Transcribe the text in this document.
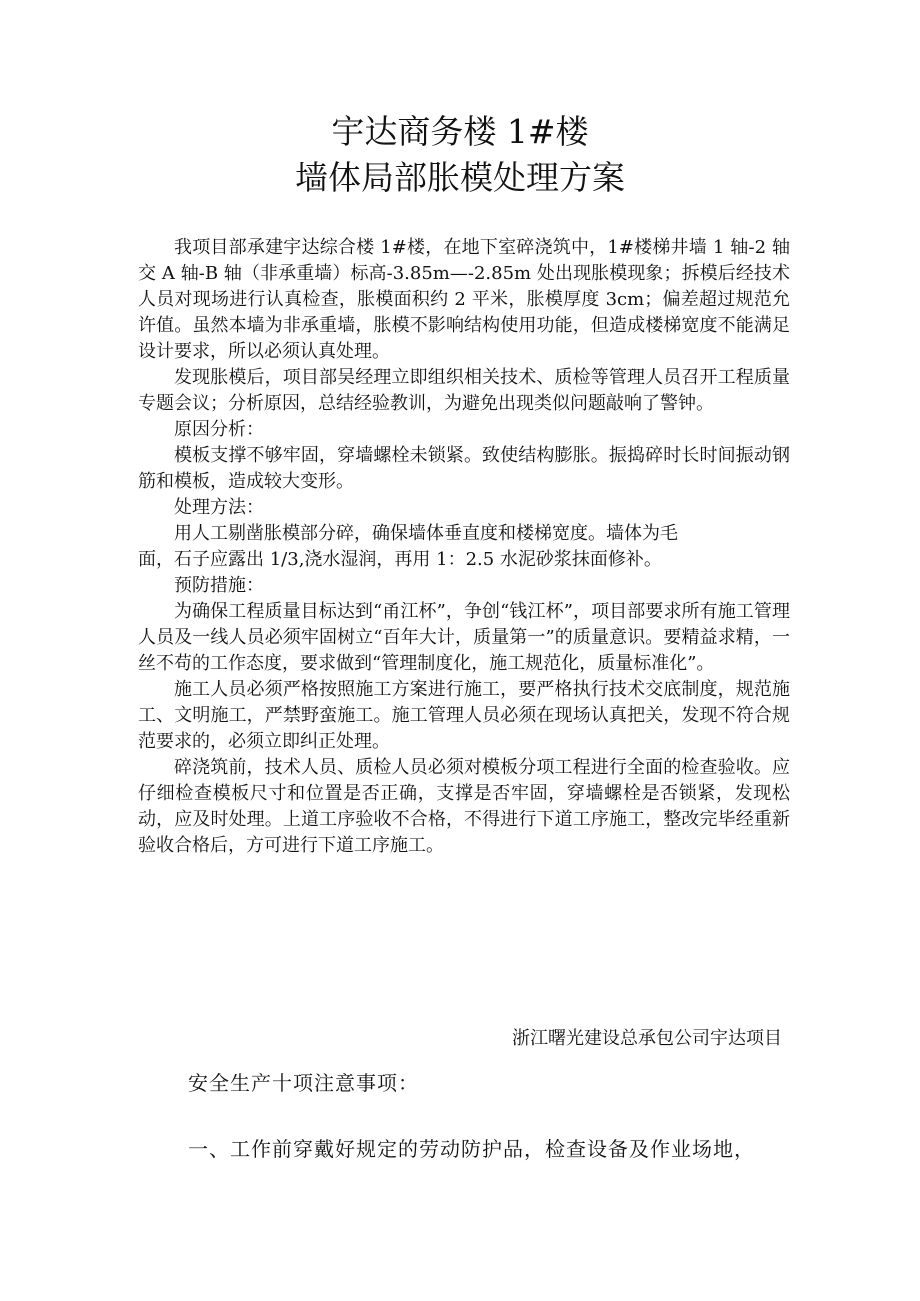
宇达商务楼 1#楼
墙体局部胀模处理方案

我项目部承建宇达综合楼 1#楼，在地下室碎浇筑中，1#楼梯井墙 1 轴-2 轴交 A 轴-B 轴（非承重墙）标高-3.85m—-2.85m 处出现胀模现象；拆模后经技术人员对现场进行认真检查，胀模面积约 2 平米，胀模厚度 3cm；偏差超过规范允许值。虽然本墙为非承重墙，胀模不影响结构使用功能，但造成楼梯宽度不能满足设计要求，所以必须认真处理。

发现胀模后，项目部吴经理立即组织相关技术、质检等管理人员召开工程质量专题会议；分析原因，总结经验教训，为避免出现类似问题敲响了警钟。

原因分析：

模板支撑不够牢固，穿墙螺栓未锁紧。致使结构膨胀。振捣碎时长时间振动钢筋和模板，造成较大变形。

处理方法：

用人工剔凿胀模部分碎，确保墙体垂直度和楼梯宽度。墙体为毛

面，石子应露出 1/3,浇水湿润，再用 1：2.5 水泥砂浆抹面修补。

预防措施：

为确保工程质量目标达到“甬江杯”，争创“钱江杯”，项目部要求所有施工管理人员及一线人员必须牢固树立“百年大计，质量第一”的质量意识。要精益求精，一丝不苟的工作态度，要求做到“管理制度化，施工规范化，质量标准化”。

施工人员必须严格按照施工方案进行施工，要严格执行技术交底制度，规范施工、文明施工，严禁野蛮施工。施工管理人员必须在现场认真把关，发现不符合规范要求的，必须立即纠正处理。

碎浇筑前，技术人员、质检人员必须对模板分项工程进行全面的检查验收。应仔细检查模板尺寸和位置是否正确，支撑是否牢固，穿墙螺栓是否锁紧，发现松动，应及时处理。上道工序验收不合格，不得进行下道工序施工，整改完毕经重新验收合格后，方可进行下道工序施工。

浙江曙光建设总承包公司宇达项目
安全生产十项注意事项：
一、工作前穿戴好规定的劳动防护品，检查设备及作业场地，
